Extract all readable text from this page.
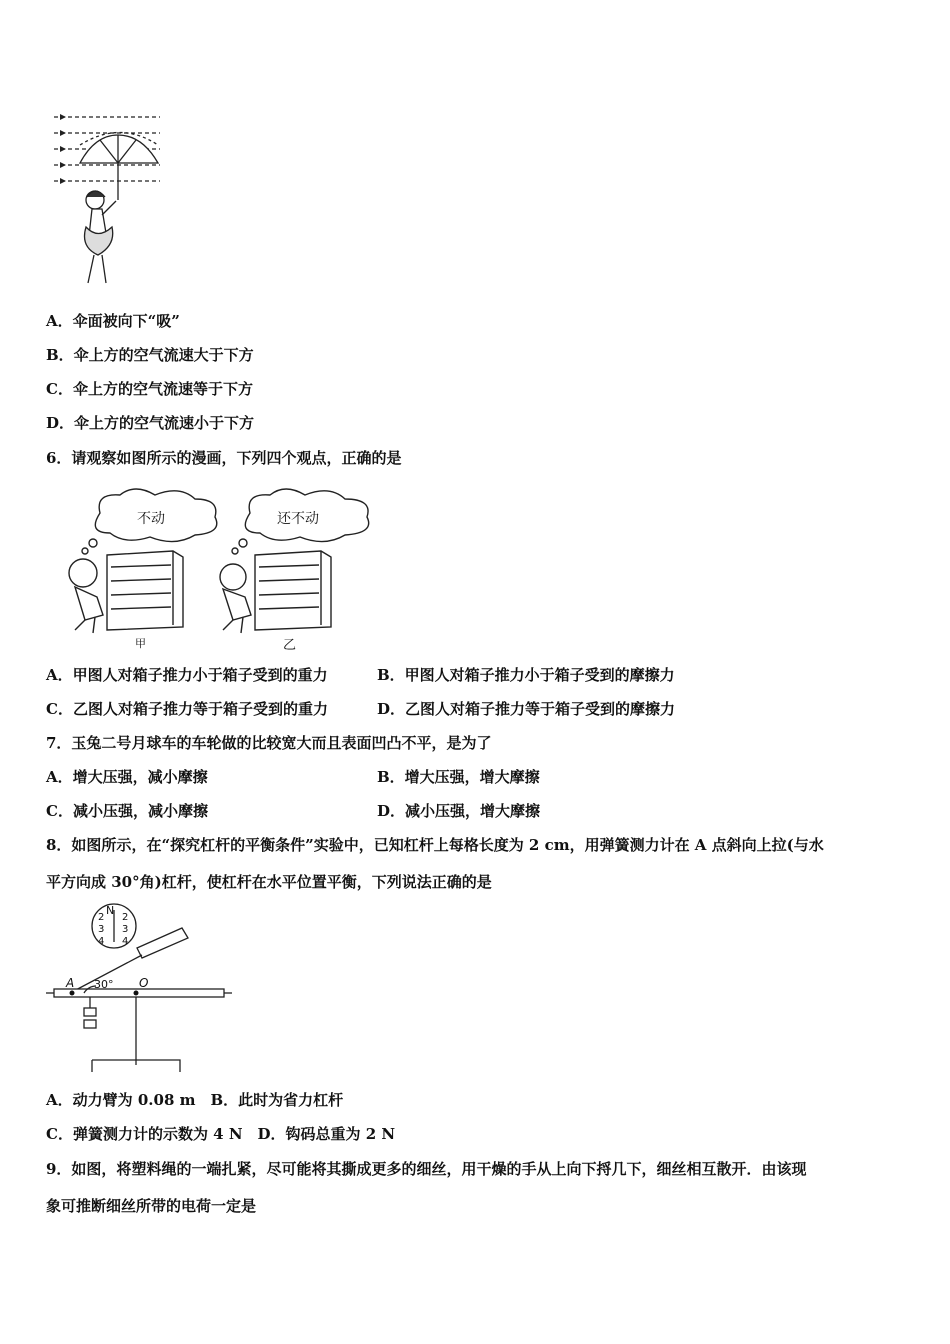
A．伞面被向下“吸”
B．伞上方的空气流速大于下方
C．伞上方的空气流速等于下方
D．伞上方的空气流速小于下方
6．请观察如图所示的漫画，下列四个观点，正确的是
不动	还不动
甲	乙
A．甲图人对箱子推力小于箱子受到的重力	B．甲图人对箱子推力小于箱子受到的摩擦力
C．乙图人对箱子推力等于箱子受到的重力	D．乙图人对箱子推力等于箱子受到的摩擦力
7．玉兔二号月球车的车轮做的比较宽大而且表面凹凸不平，是为了
A．增大压强，减小摩擦	B．增大压强，增大摩擦
C．减小压强，减小摩擦	D．减小压强，增大摩擦
8．如图所示，在“探究杠杆的平衡条件”实验中，已知杠杆上每格长度为 2 cm，用弹簧测力计在 A 点斜向上拉(与水
平方向成 30°角)杠杆，使杠杆在水平位置平衡，下列说法正确的是
N
2
3
4
2
3
4
A 30° O
A．动力臂为 0.08 m　B．此时为省力杠杆
C．弹簧测力计的示数为 4 N　D．钩码总重为 2 N
9．如图，将塑料绳的一端扎紧，尽可能将其撕成更多的细丝，用干燥的手从上向下捋几下，细丝相互散开．由该现
象可推断细丝所带的电荷一定是
